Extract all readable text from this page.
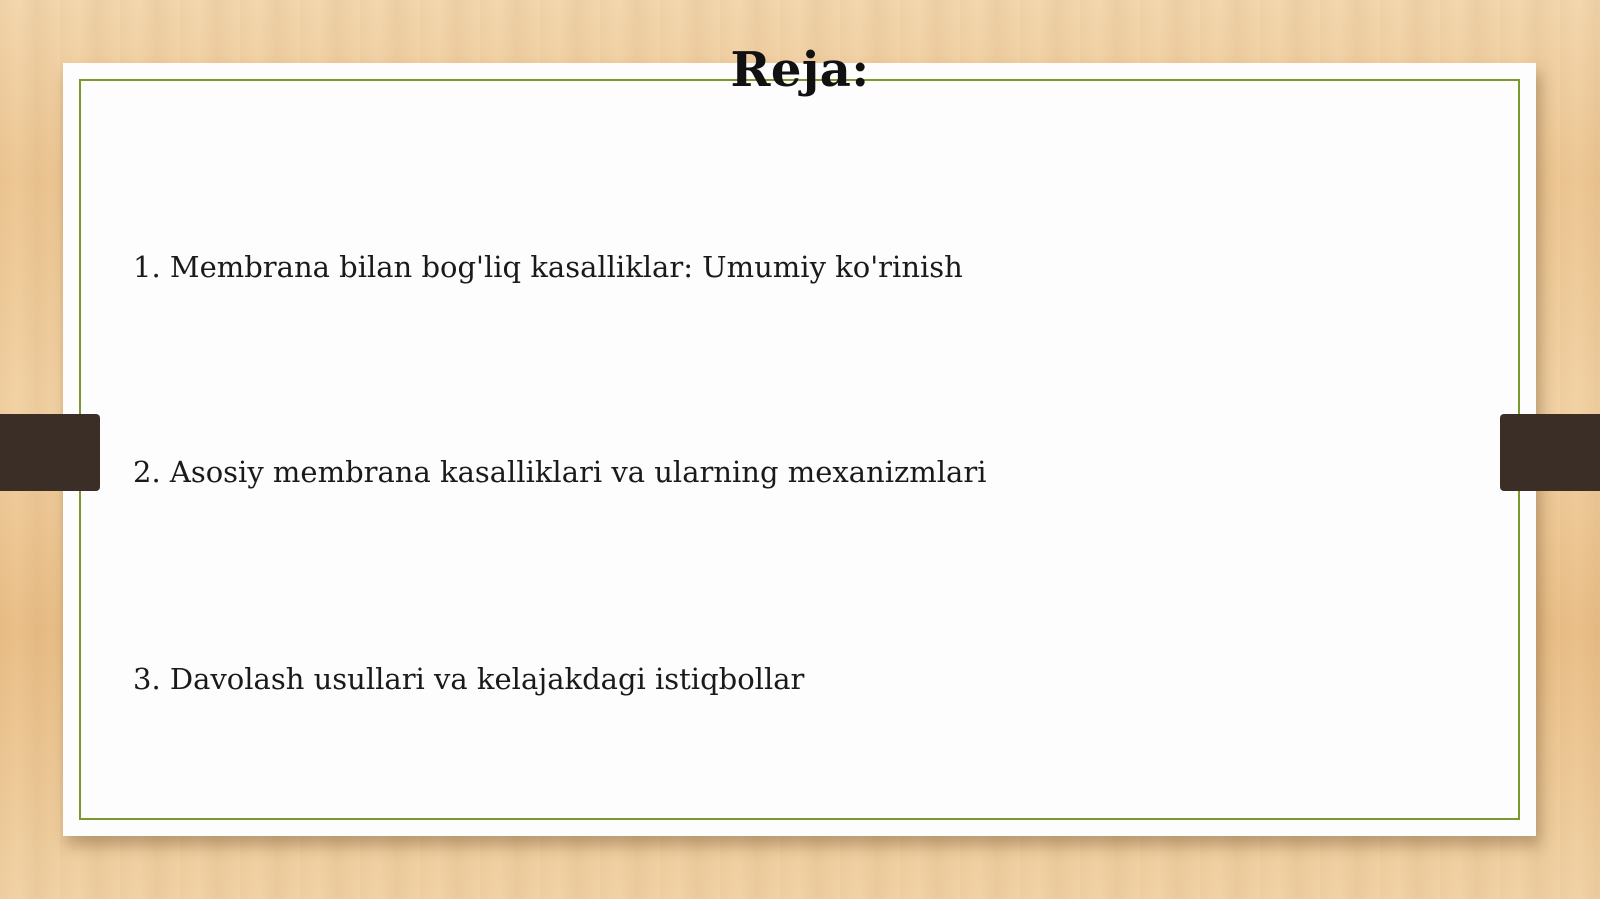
Reja:
1. Membrana bilan bog'liq kasalliklar: Umumiy ko'rinish
2. Asosiy membrana kasalliklari va ularning mexanizmlari
3. Davolash usullari va kelajakdagi istiqbollar
